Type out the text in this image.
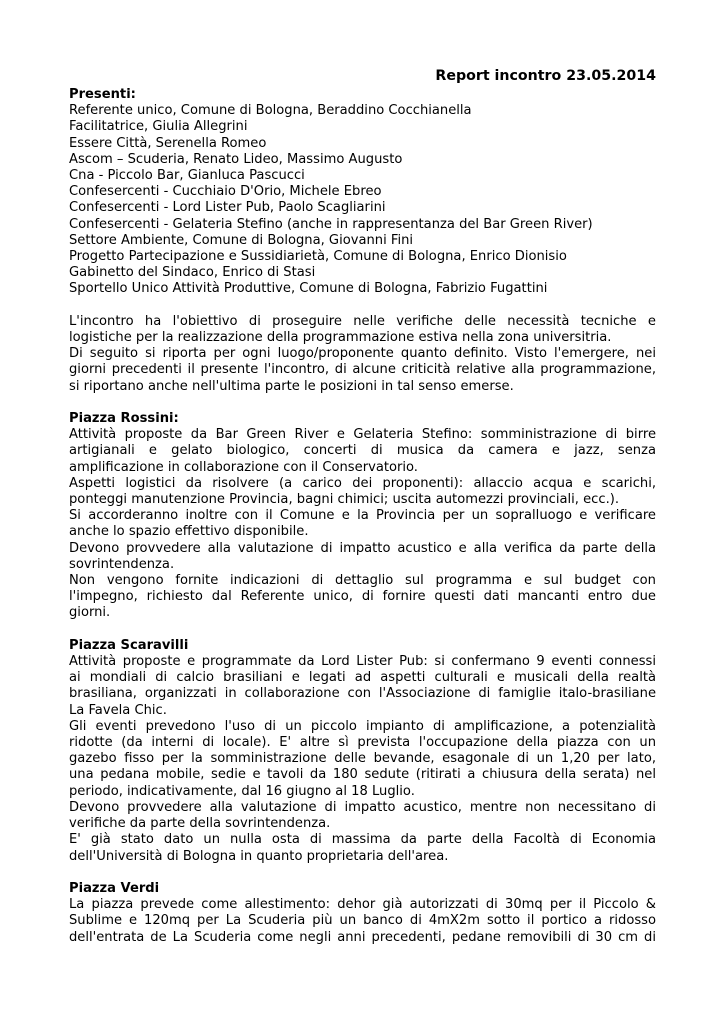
Report incontro 23.05.2014
Presenti:
Referente unico, Comune di Bologna, Beraddino Cocchianella
Facilitatrice, Giulia Allegrini
Essere Città, Serenella Romeo
Ascom – Scuderia, Renato Lideo, Massimo Augusto
Cna - Piccolo Bar, Gianluca Pascucci
Confesercenti - Cucchiaio D'Orio, Michele Ebreo
Confesercenti - Lord Lister Pub, Paolo Scagliarini
Confesercenti - Gelateria Stefino (anche in rappresentanza del Bar Green River)
Settore Ambiente, Comune di Bologna, Giovanni Fini
Progetto Partecipazione e Sussidiarietà, Comune di Bologna, Enrico Dionisio
Gabinetto del Sindaco, Enrico di Stasi
Sportello Unico Attività Produttive, Comune di Bologna, Fabrizio Fugattini
L'incontro ha l'obiettivo di proseguire nelle verifiche delle necessità tecniche e
logistiche per la realizzazione della programmazione estiva nella zona universitria.
Di seguito si riporta per ogni luogo/proponente quanto definito. Visto l'emergere, nei
giorni precedenti il presente l'incontro, di alcune criticità relative alla programmazione,
si riportano anche nell'ultima parte le posizioni in tal senso emerse.
Piazza Rossini:
Attività proposte da Bar Green River e Gelateria Stefino: somministrazione di birre
artigianali e gelato biologico, concerti di musica da camera e jazz, senza
amplificazione in collaborazione con il Conservatorio.
Aspetti logistici da risolvere (a carico dei proponenti): allaccio acqua e scarichi,
ponteggi manutenzione Provincia, bagni chimici; uscita automezzi provinciali, ecc.).
Si accorderanno inoltre con il Comune e la Provincia per un sopralluogo e verificare
anche lo spazio effettivo disponibile.
Devono provvedere alla valutazione di impatto acustico e alla verifica da parte della
sovrintendenza.
Non vengono fornite indicazioni di dettaglio sul programma e sul budget con
l'impegno, richiesto dal Referente unico, di fornire questi dati mancanti entro due
giorni.
Piazza Scaravilli
Attività proposte e programmate da Lord Lister Pub: si confermano 9 eventi connessi
ai mondiali di calcio brasiliani e legati ad aspetti culturali e musicali della realtà
brasiliana, organizzati in collaborazione con l'Associazione di famiglie italo-brasiliane
La Favela Chic.
Gli eventi prevedono l'uso di un piccolo impianto di amplificazione, a potenzialità
ridotte (da interni di locale). E' altre sì prevista l'occupazione della piazza con un
gazebo fisso per la somministrazione delle bevande, esagonale di un 1,20 per lato,
una pedana mobile, sedie e tavoli da 180 sedute (ritirati a chiusura della serata) nel
periodo, indicativamente, dal 16 giugno al 18 Luglio.
Devono provvedere alla valutazione di impatto acustico, mentre non necessitano di
verifiche da parte della sovrintendenza.
E' già stato dato un nulla osta di massima da parte della Facoltà di Economia
dell'Università di Bologna in quanto proprietaria dell'area.
Piazza Verdi
La piazza prevede come allestimento: dehor già autorizzati di 30mq per il Piccolo &
Sublime e 120mq per La Scuderia più un banco di 4mX2m sotto il portico a ridosso
dell'entrata de La Scuderia come negli anni precedenti, pedane removibili di 30 cm di
